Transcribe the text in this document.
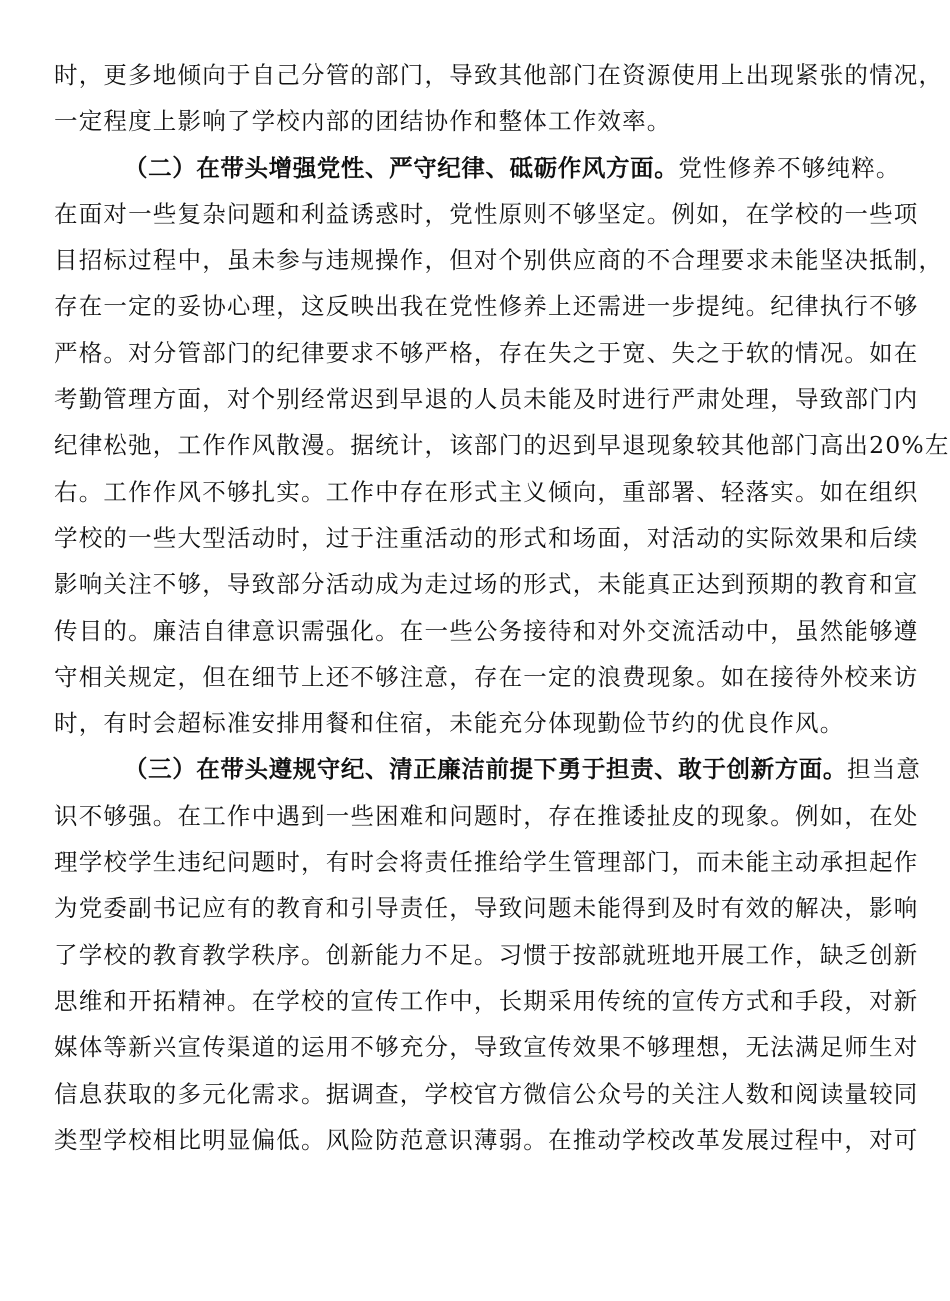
时，更多地倾向于自己分管的部门，导致其他部门在资源使用上出现紧张的情况，
一定程度上影响了学校内部的团结协作和整体工作效率。
（二）在带头增强党性、严守纪律、砥砺作风方面。党性修养不够纯粹。
在面对一些复杂问题和利益诱惑时，党性原则不够坚定。例如，在学校的一些项
目招标过程中，虽未参与违规操作，但对个别供应商的不合理要求未能坚决抵制，
存在一定的妥协心理，这反映出我在党性修养上还需进一步提纯。纪律执行不够
严格。对分管部门的纪律要求不够严格，存在失之于宽、失之于软的情况。如在
考勤管理方面，对个别经常迟到早退的人员未能及时进行严肃处理，导致部门内
纪律松弛，工作作风散漫。据统计，该部门的迟到早退现象较其他部门高出20%左
右。工作作风不够扎实。工作中存在形式主义倾向，重部署、轻落实。如在组织
学校的一些大型活动时，过于注重活动的形式和场面，对活动的实际效果和后续
影响关注不够，导致部分活动成为走过场的形式，未能真正达到预期的教育和宣
传目的。廉洁自律意识需强化。在一些公务接待和对外交流活动中，虽然能够遵
守相关规定，但在细节上还不够注意，存在一定的浪费现象。如在接待外校来访
时，有时会超标准安排用餐和住宿，未能充分体现勤俭节约的优良作风。
（三）在带头遵规守纪、清正廉洁前提下勇于担责、敢于创新方面。担当意
识不够强。在工作中遇到一些困难和问题时，存在推诿扯皮的现象。例如，在处
理学校学生违纪问题时，有时会将责任推给学生管理部门，而未能主动承担起作
为党委副书记应有的教育和引导责任，导致问题未能得到及时有效的解决，影响
了学校的教育教学秩序。创新能力不足。习惯于按部就班地开展工作，缺乏创新
思维和开拓精神。在学校的宣传工作中，长期采用传统的宣传方式和手段，对新
媒体等新兴宣传渠道的运用不够充分，导致宣传效果不够理想，无法满足师生对
信息获取的多元化需求。据调查，学校官方微信公众号的关注人数和阅读量较同
类型学校相比明显偏低。风险防范意识薄弱。在推动学校改革发展过程中，对可
